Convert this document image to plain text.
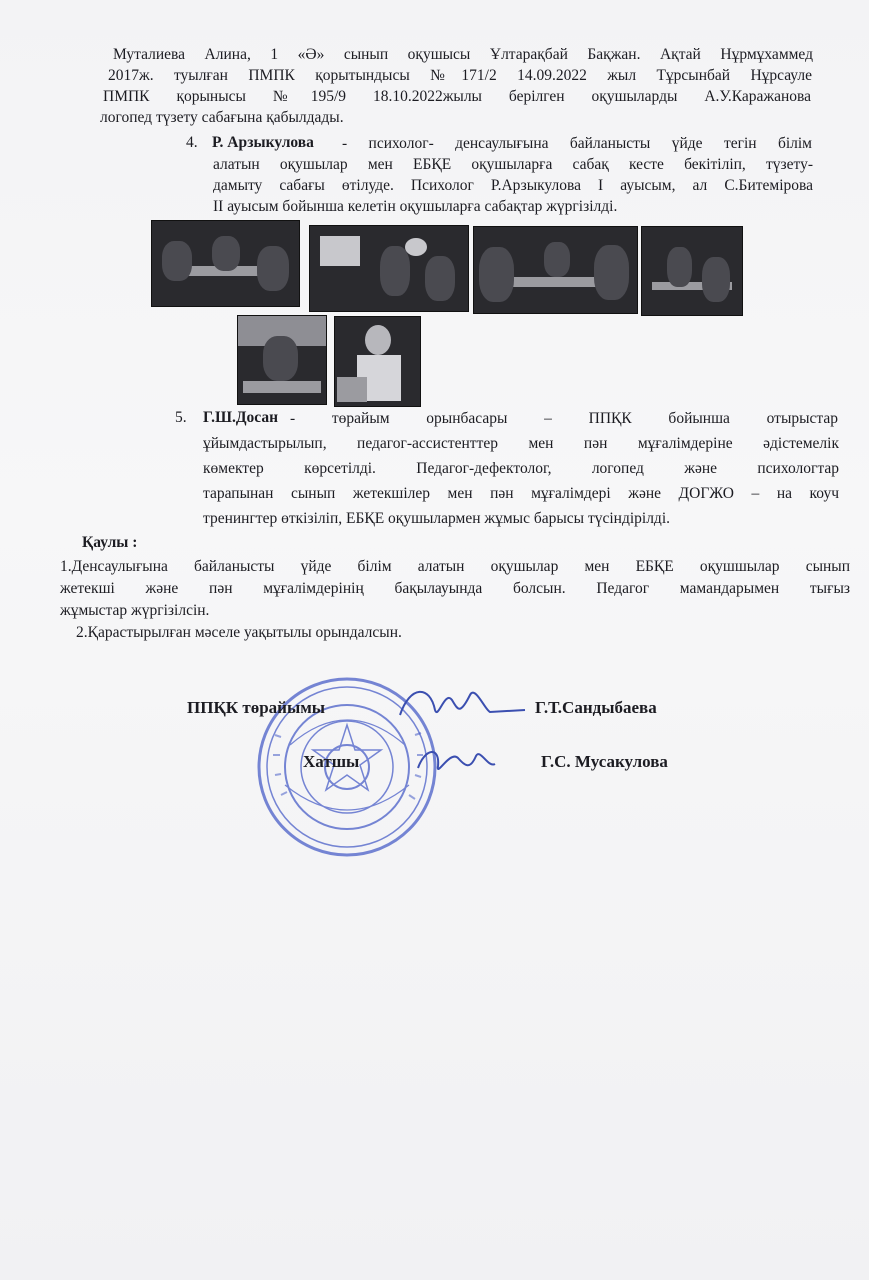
Муталиева Алина, 1 «Ә» сынып оқушысы Ұлтарақбай Бақжан. Ақтай Нұрмұхаммед
2017ж. туылған ПМПК қорытындысы №171/2 14.09.2022 жыл Тұрсынбай Нұрсауле
ПМПК қорынысы №195/9 18.10.2022жылы берілген оқушыларды А.У.Каражанова
логопед түзету сабағына қабылдады.
4. Р. Арзыкулова - психолог- денсаулығына байланысты үйде тегін білім
алатын оқушылар мен ЕБҚЕ оқушыларға сабақ кесте бекітіліп, түзету-
дамыту сабағы өтілуде. Психолог Р.Арзыкулова I ауысым, ал С.Битемірова
II ауысым бойынша келетін оқушыларға сабақтар жүргізілді.
5. Г.Ш.Досан - төрайым орынбасары – ППҚК бойынша отырыстар
ұйымдастырылып, педагог-ассистенттер мен пән мұғалімдеріне әдістемелік
көмектер көрсетілді. Педагог-дефектолог, логопед және психологтар
тарапынан сынып жетекшілер мен пән мұғалімдері және ДОГЖО – на коуч
тренингтер өткізіліп, ЕБҚЕ оқушылармен жұмыс барысы түсіндірілді.
Қаулы :
1.Денсаулығына байланысты үйде білім алатын оқушылар мен ЕБҚЕ оқушшылар сынып
жетекші және пән мұғалімдерінің бақылауында болсын. Педагог мамандарымен тығыз
жұмыстар жүргізілсін.
2.Қарастырылған мәселе уақытылы орындалсын.
ППҚК төрайымы	Г.Т.Сандыбаева
Хатшы	Г.С. Мусакулова
